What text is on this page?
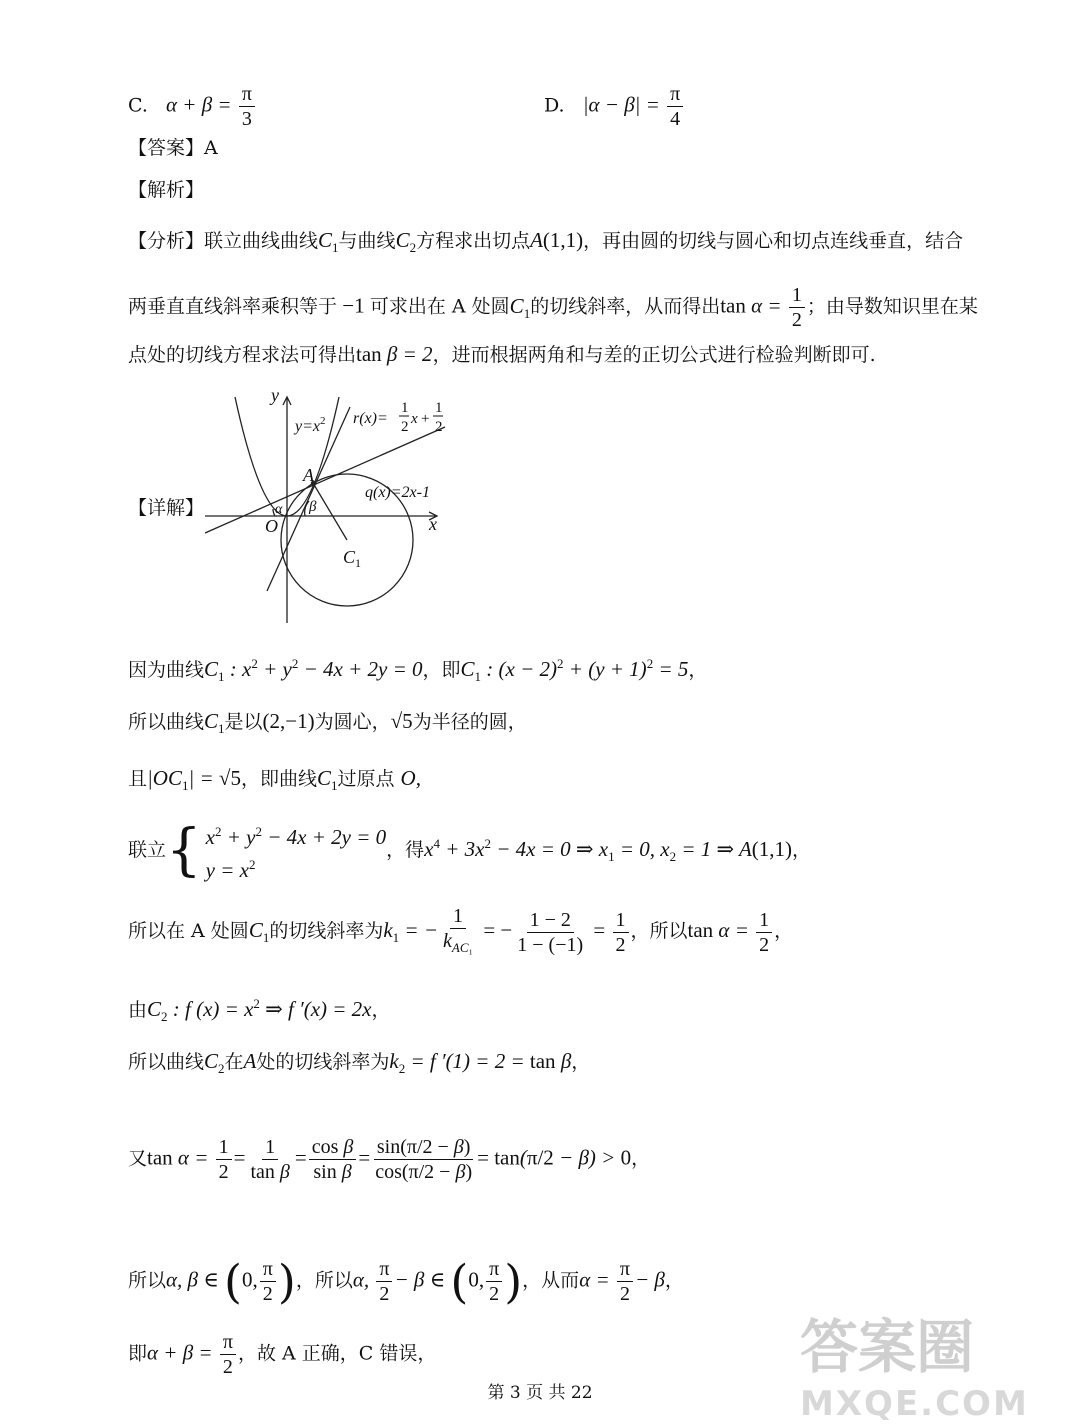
C. $\alpha + \beta = \frac{\pi}{3}$	D. $|\alpha - \beta| = \frac{\pi}{4}$
【答案】A
【解析】
【分析】联立曲线曲线$C_1$与曲线$C_2$方程求出切点A(1,1)，再由圆的切线与圆心和切点连线垂直，结合
两垂直直线斜率乘积等于 −1 可求出在 A 处圆$C_1$的切线斜率，从而得出$\tan \alpha = \frac{1}{2}$ ；由导数知识里在某
点处的切线方程求法可得出tan β = 2，进而根据两角和与差的正切公式进行检验判断即可.
【详解】
y
x
O
A
$C_1$
$y=x^2$ r(x)=
q(x)=2x-1
α β
1
2 x +
1
2
因为曲线$C_1$ : $x^2 + y^2 - 4x + 2y = 0$，即$C_1$ : $(x - 2)^2 + (y + 1)^2 = 5$，
所以曲线$C_1$是以(2,−1)为圆心，√5为半径的圆，
且$|OC_1| = √5$，即曲线$C_1$过原点 O,
联立{ $x^2 + y^2 - 4x + 2y = 0$
$y = x^2$
，得$x^4 + 3x^2 - 4x = 0$ ⇒ $x_1 = 0$, $x_2 = 1$ ⇒ A(1,1)，
所以在 A 处圆$C_1$的切线斜率为$k_1$ = − $\frac{1}{k_{AC_1}}$ = − $\frac{1 - 2}{1 - (-1)} = \frac{1}{2}$ ，所以$\tan \alpha = \frac{1}{2}$ ，
由$C_2$ : f $(x) = x^2$ ⇒ f ′(x) = 2x，
所以曲线$C_2$在A处的切线斜率为$k_2 = f$ ′(1) = 2 = tan β，
又$\tan \alpha = \frac{1}{2} = \frac{1}{\text{tan β}} = \frac{\text{cos β}}{\text{sin β}} = \frac{\sin(\pi/2 - \beta)}{\cos(\pi/2 - \beta)} = \tan(\pi/2 - \beta) > 0$，
所以α, β ∈ (0, $\frac{\pi}{2}$ )，所以α, $\frac{\pi}{2} - \beta$ ∈ (0, $\frac{\pi}{2}$ )，从而$\alpha = \frac{\pi}{2} - \beta$，
即$\alpha + \beta = \frac{\pi}{2}$ ，故 A 正确，C 错误，
第 3 页 共 22
答案圈
MXQE.COM
